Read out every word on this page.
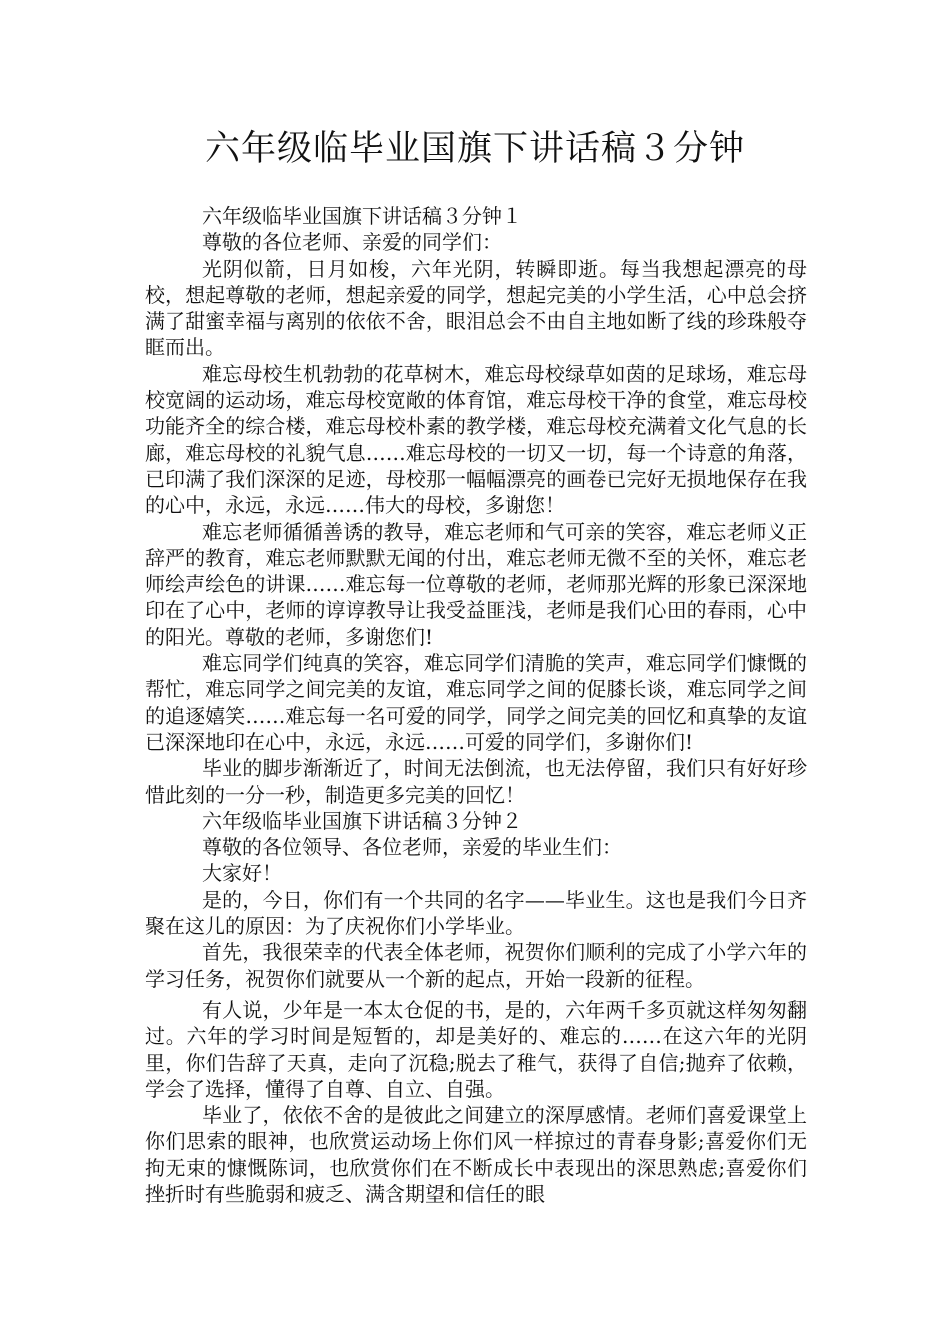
六年级临毕业国旗下讲话稿３分钟

六年级临毕业国旗下讲话稿３分钟１

尊敬的各位老师、亲爱的同学们：

光阴似箭，日月如梭，六年光阴，转瞬即逝。每当我想起漂亮的母校，想起尊敬的老师，想起亲爱的同学，想起完美的小学生活，心中总会挤满了甜蜜幸福与离别的依依不舍，眼泪总会不由自主地如断了线的珍珠般夺眶而出。

难忘母校生机勃勃的花草树木，难忘母校绿草如茵的足球场，难忘母校宽阔的运动场，难忘母校宽敞的体育馆，难忘母校干净的食堂，难忘母校功能齐全的综合楼，难忘母校朴素的教学楼，难忘母校充满着文化气息的长廊，难忘母校的礼貌气息……难忘母校的一切又一切，每一个诗意的角落，已印满了我们深深的足迹，母校那一幅幅漂亮的画卷已完好无损地保存在我的心中，永远，永远……伟大的母校，多谢您！

难忘老师循循善诱的教导，难忘老师和气可亲的笑容，难忘老师义正辞严的教育，难忘老师默默无闻的付出，难忘老师无微不至的关怀，难忘老师绘声绘色的讲课……难忘每一位尊敬的老师，老师那光辉的形象已深深地印在了心中，老师的谆谆教导让我受益匪浅，老师是我们心田的春雨，心中的阳光。尊敬的老师，多谢您们!

难忘同学们纯真的笑容，难忘同学们清脆的笑声，难忘同学们慷慨的帮忙，难忘同学之间完美的友谊，难忘同学之间的促膝长谈，难忘同学之间的追逐嬉笑……难忘每一名可爱的同学，同学之间完美的回忆和真挚的友谊已深深地印在心中，永远，永远……可爱的同学们，多谢你们!

毕业的脚步渐渐近了，时间无法倒流，也无法停留，我们只有好好珍惜此刻的一分一秒，制造更多完美的回忆！

六年级临毕业国旗下讲话稿３分钟２

尊敬的各位领导、各位老师，亲爱的毕业生们：

大家好！

是的，今日，你们有一个共同的名字——毕业生。这也是我们今日齐聚在这儿的原因：为了庆祝你们小学毕业。

首先，我很荣幸的代表全体老师，祝贺你们顺利的完成了小学六年的学习任务，祝贺你们就要从一个新的起点，开始一段新的征程。

有人说，少年是一本太仓促的书，是的，六年两千多页就这样匆匆翻过。六年的学习时间是短暂的，却是美好的、难忘的……在这六年的光阴里，你们告辞了天真，走向了沉稳;脱去了稚气，获得了自信;抛弃了依赖，学会了选择，懂得了自尊、自立、自强。

毕业了，依依不舍的是彼此之间建立的深厚感情。老师们喜爱课堂上你们思索的眼神，也欣赏运动场上你们风一样掠过的青春身影;喜爱你们无拘无束的慷慨陈词，也欣赏你们在不断成长中表现出的深思熟虑;喜爱你们挫折时有些脆弱和疲乏、满含期望和信任的眼
